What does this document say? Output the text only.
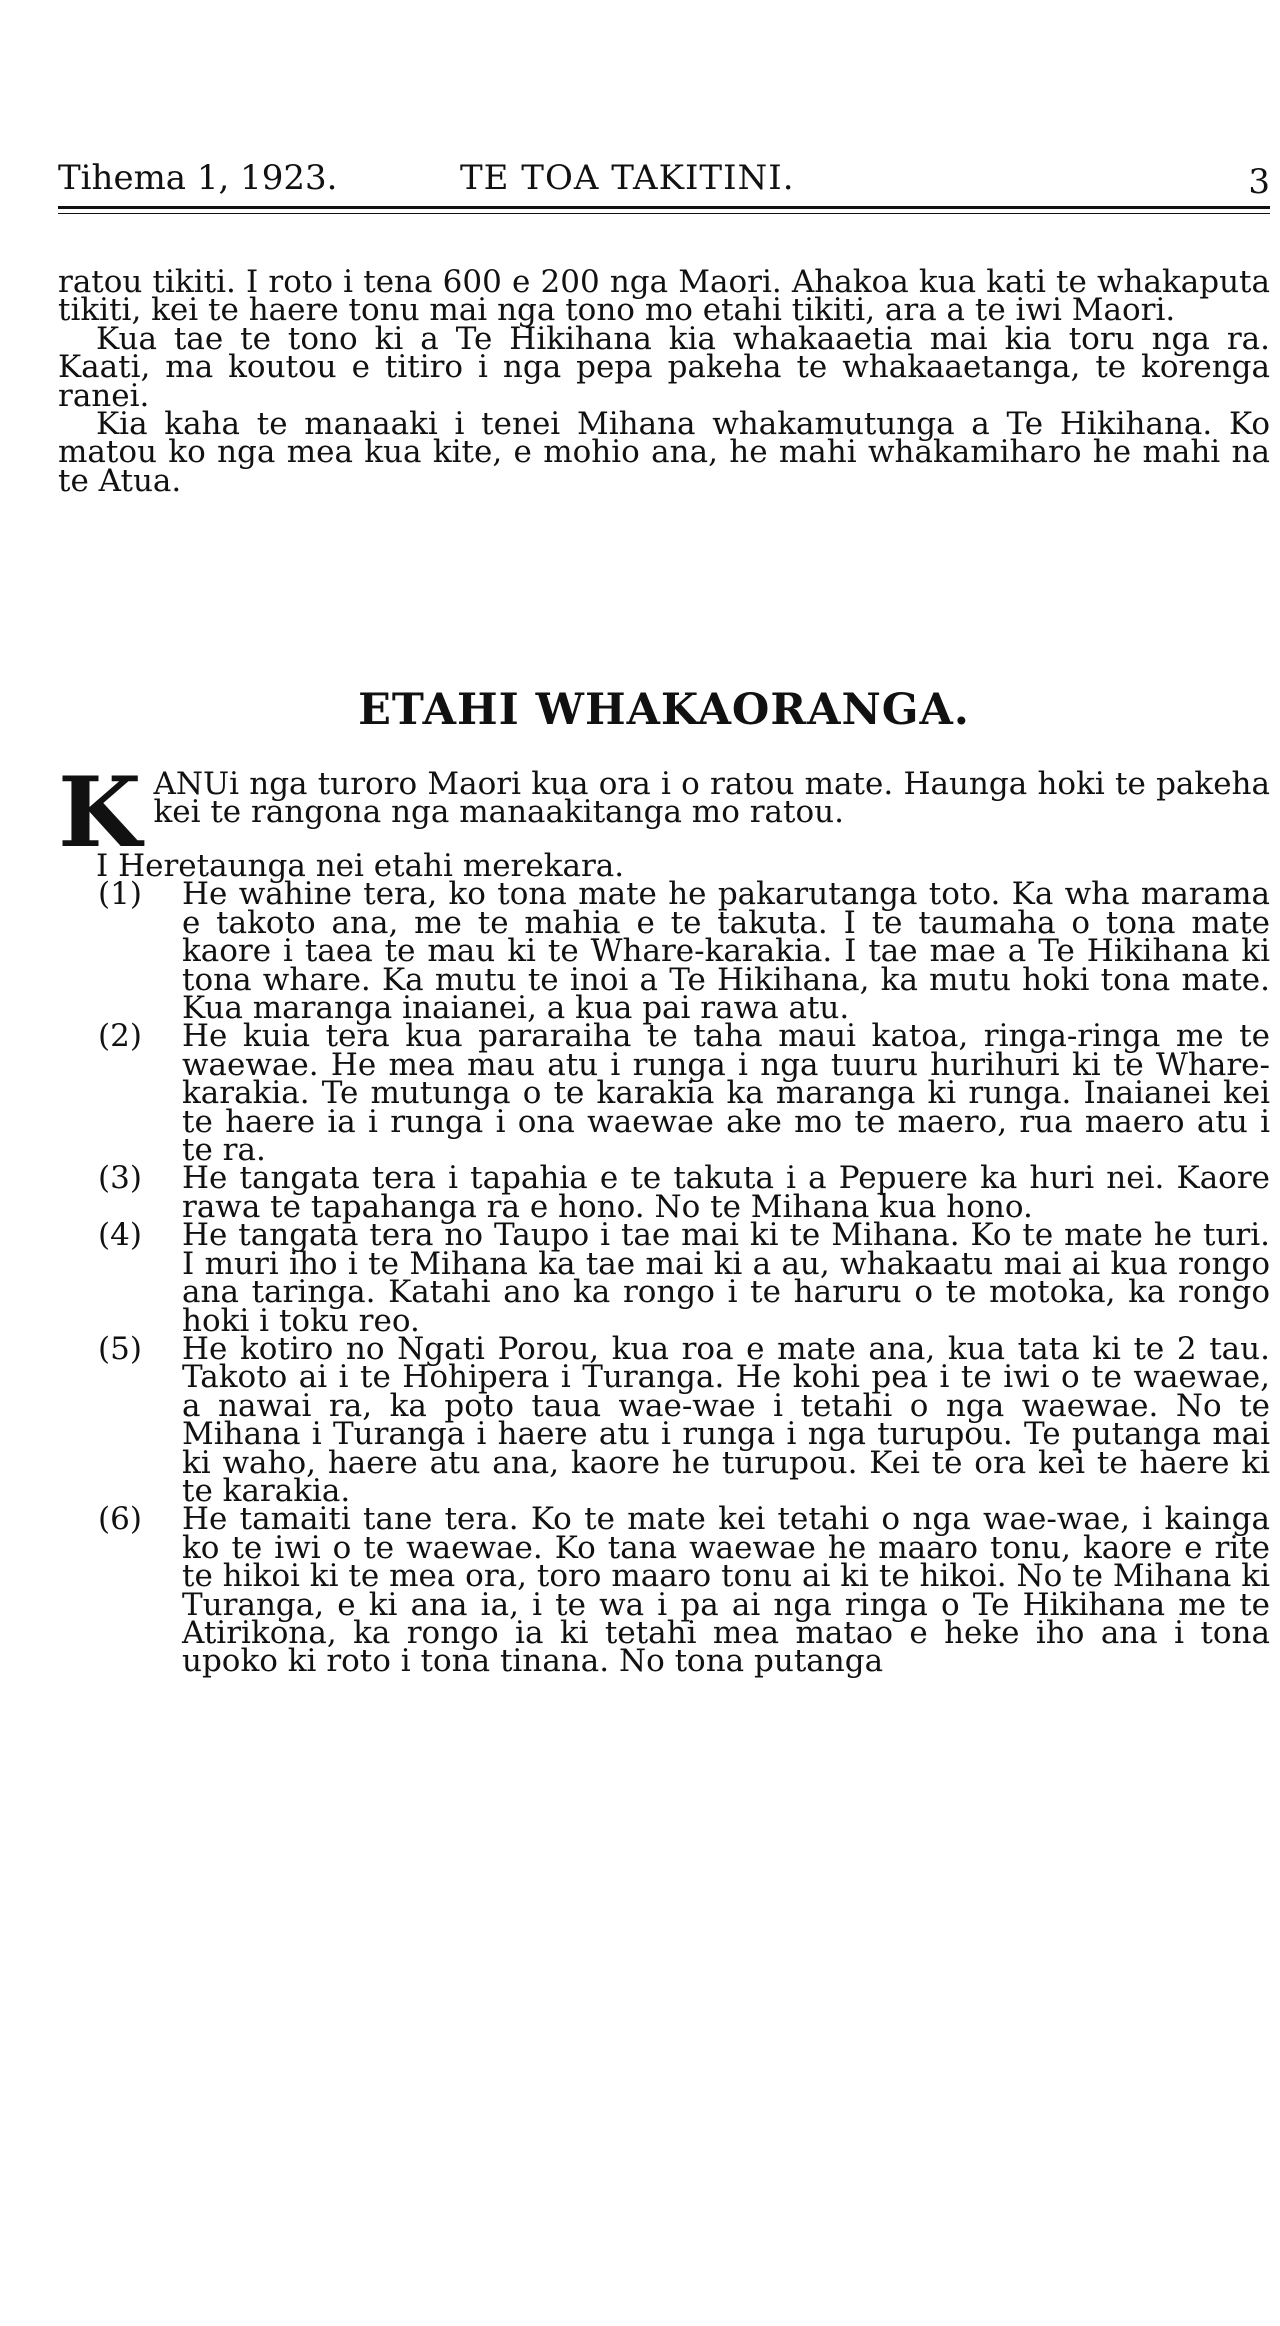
Tihema 1, 1923.	TE TOA TAKITINI.	3

ratou tikiti. I roto i tena 600 e 200 nga Maori. Ahakoa kua kati te whakaputa tikiti, kei te haere tonu mai nga tono mo etahi tikiti, ara a te iwi Maori.

Kua tae te tono ki a Te Hikihana kia whakaaetia mai kia toru nga ra. Kaati, ma koutou e titiro i nga pepa pakeha te whakaaetanga, te korenga ranei.

Kia kaha te manaaki i tenei Mihana whakamutunga a Te Hikihana. Ko matou ko nga mea kua kite, e mohio ana, he mahi whakamiharo he mahi na te Atua.

ETAHI WHAKAORANGA.
K ANUi nga turoro Maori kua ora i o ratou mate. Haunga hoki te pakeha kei te rangona nga manaakitanga mo ratou.

I Heretaunga nei etahi merekara.

(1) He wahine tera, ko tona mate he pakarutanga toto. Ka wha marama e takoto ana, me te mahia e te takuta. I te taumaha o tona mate kaore i taea te mau ki te Whare-karakia. I tae mae a Te Hikihana ki tona whare. Ka mutu te inoi a Te Hikihana, ka mutu hoki tona mate. Kua maranga inaianei, a kua pai rawa atu.
(2) He kuia tera kua pararaiha te taha maui katoa, ringa-ringa me te waewae. He mea mau atu i runga i nga tuuru hurihuri ki te Whare-karakia. Te mutunga o te karakia ka maranga ki runga. Inaianei kei te haere ia i runga i ona waewae ake mo te maero, rua maero atu i te ra.
(3) He tangata tera i tapahia e te takuta i a Pepuere ka huri nei. Kaore rawa te tapahanga ra e hono. No te Mihana kua hono.
(4) He tangata tera no Taupo i tae mai ki te Mihana. Ko te mate he turi. I muri iho i te Mihana ka tae mai ki a au, whakaatu mai ai kua rongo ana taringa. Katahi ano ka rongo i te haruru o te motoka, ka rongo hoki i toku reo.
(5) He kotiro no Ngati Porou, kua roa e mate ana, kua tata ki te 2 tau. Takoto ai i te Hohipera i Turanga. He kohi pea i te iwi o te waewae, a nawai ra, ka poto taua wae-wae i tetahi o nga waewae. No te Mihana i Turanga i haere atu i runga i nga turupou. Te putanga mai ki waho, haere atu ana, kaore he turupou. Kei te ora kei te haere ki te karakia.
(6) He tamaiti tane tera. Ko te mate kei tetahi o nga wae-wae, i kainga ko te iwi o te waewae. Ko tana waewae he maaro tonu, kaore e rite te hikoi ki te mea ora, toro maaro tonu ai ki te hikoi. No te Mihana ki Turanga, e ki ana ia, i te wa i pa ai nga ringa o Te Hikihana me te Atirikona, ka rongo ia ki tetahi mea matao e heke iho ana i tona upoko ki roto i tona tinana. No tona putanga
